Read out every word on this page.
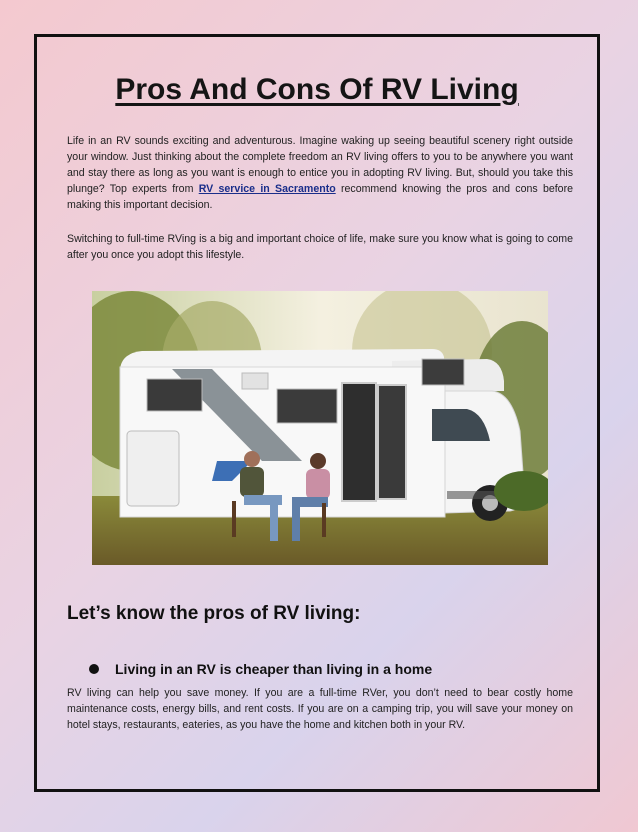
Pros And Cons Of RV Living

Life in an RV sounds exciting and adventurous. Imagine waking up seeing beautiful scenery right outside your window. Just thinking about the complete freedom an RV living offers to you to be anywhere you want and stay there as long as you want is enough to entice you in adopting RV living. But, should you take this plunge? Top experts from RV service in Sacramento recommend knowing the pros and cons before making this important decision.

Switching to full-time RVing is a big and important choice of life, make sure you know what is going to come after you once you adopt this lifestyle.

Let’s know the pros of RV living:
Living in an RV is cheaper than living in a home

RV living can help you save money. If you are a full-time RVer, you don’t need to bear costly home maintenance costs, energy bills, and rent costs. If you are on a camping trip, you will save your money on hotel stays, restaurants, eateries, as you have the home and kitchen both in your RV.
